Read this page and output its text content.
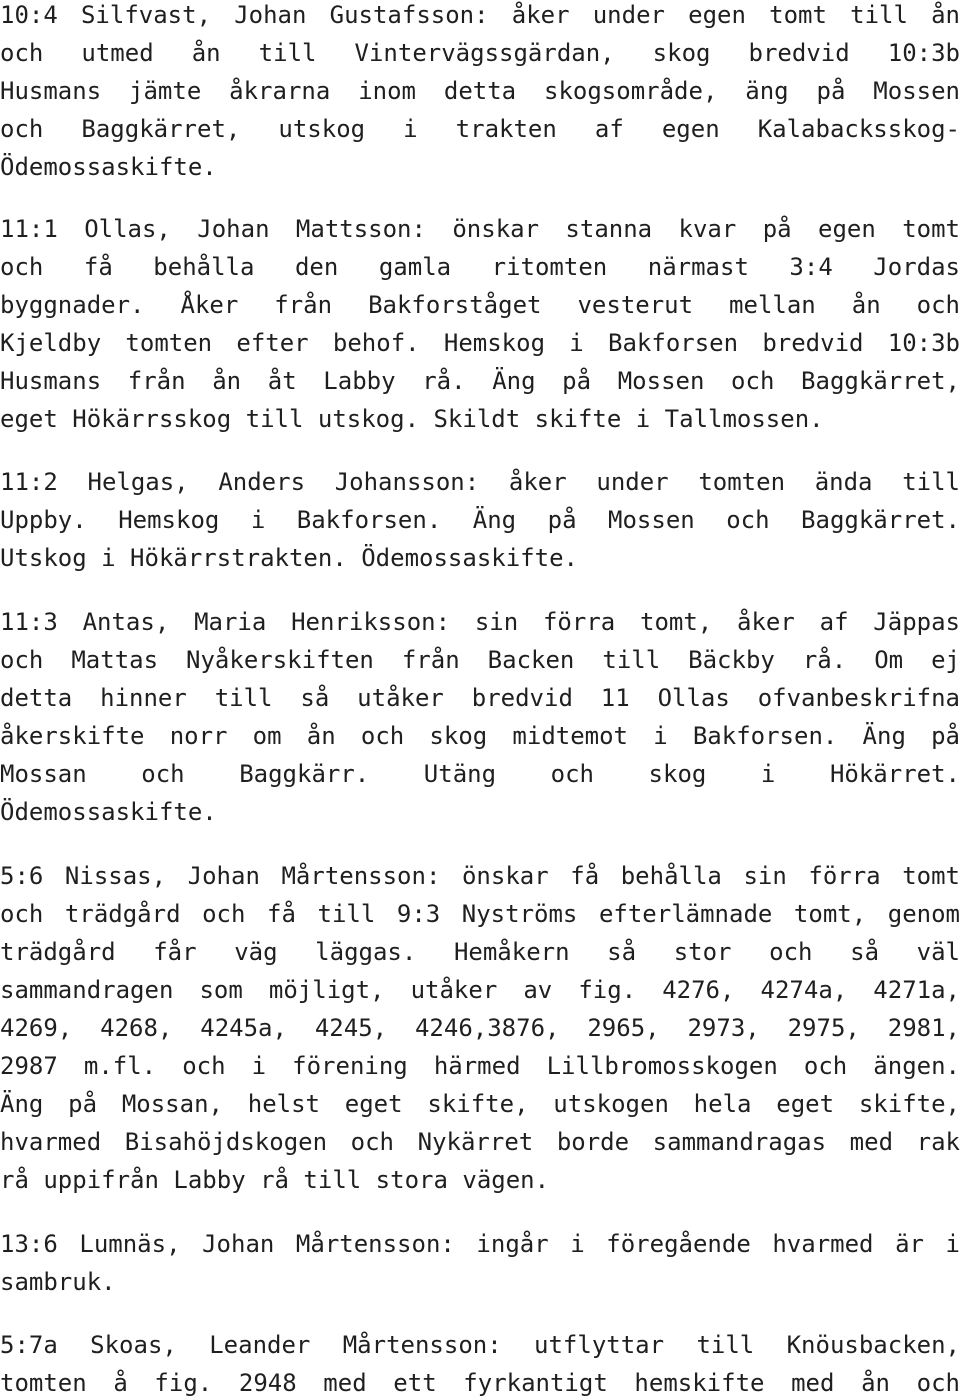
10:4 Silfvast, Johan Gustafsson: åker under egen tomt till ån
och utmed ån till Vintervägssgärdan, skog bredvid 10:3b
Husmans jämte åkrarna inom detta skogsområde, äng på Mossen
och Baggkärret, utskog i trakten af egen Kalabacksskog-
Ödemossaskifte.
11:1 Ollas, Johan Mattsson: önskar stanna kvar på egen tomt
och få behålla den gamla ritomten närmast 3:4 Jordas
byggnader. Åker från Bakforståget vesterut mellan ån och
Kjeldby tomten efter behof. Hemskog i Bakforsen bredvid 10:3b
Husmans från ån åt Labby rå. Äng på Mossen och Baggkärret,
eget Hökärrsskog till utskog. Skildt skifte i Tallmossen.
11:2 Helgas, Anders Johansson: åker under tomten ända till
Uppby. Hemskog i Bakforsen. Äng på Mossen och Baggkärret.
Utskog i Hökärrstrakten. Ödemossaskifte.
11:3 Antas, Maria Henriksson: sin förra tomt, åker af Jäppas
och Mattas Nyåkerskiften från Backen till Bäckby rå. Om ej
detta hinner till så utåker bredvid 11 Ollas ofvanbeskrifna
åkerskifte norr om ån och skog midtemot i Bakforsen. Äng på
Mossan och Baggkärr. Utäng och skog i Hökärret.
Ödemossaskifte.
5:6 Nissas, Johan Mårtensson: önskar få behålla sin förra tomt
och trädgård och få till 9:3 Nyströms efterlämnade tomt, genom
trädgård får väg läggas. Hemåkern så stor och så väl
sammandragen som möjligt, utåker av fig. 4276, 4274a, 4271a,
4269, 4268, 4245a, 4245, 4246,3876, 2965, 2973, 2975, 2981,
2987 m.fl. och i förening härmed Lillbromosskogen och ängen.
Äng på Mossan, helst eget skifte, utskogen hela eget skifte,
hvarmed Bisahöjdskogen och Nykärret borde sammandragas med rak
rå uppifrån Labby rå till stora vägen.
13:6 Lumnäs, Johan Mårtensson: ingår i föregående hvarmed är i
sambruk.
5:7a Skoas, Leander Mårtensson: utflyttar till Knöusbacken,
tomten å fig. 2948 med ett fyrkantigt hemskifte med ån och
